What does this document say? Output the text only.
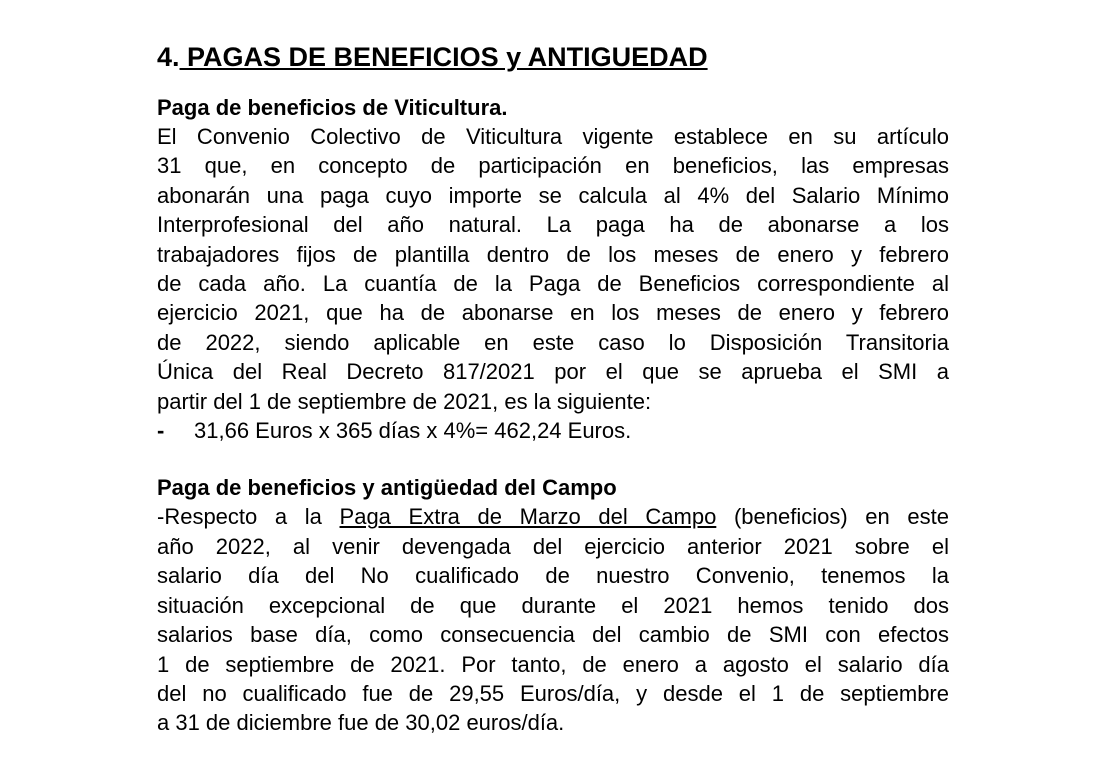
4. PAGAS DE BENEFICIOS y ANTIGUEDAD
Paga de beneficios de Viticultura.
El Convenio Colectivo de Viticultura vigente establece en su artículo
31 que, en concepto de participación en beneficios, las empresas
abonarán una paga cuyo importe se calcula al 4% del Salario Mínimo
Interprofesional del año natural. La paga ha de abonarse a los
trabajadores fijos de plantilla dentro de los meses de enero y febrero
de cada año. La cuantía de la Paga de Beneficios correspondiente al
ejercicio 2021, que ha de abonarse en los meses de enero y febrero
de 2022, siendo aplicable en este caso lo Disposición Transitoria
Única del Real Decreto 817/2021 por el que se aprueba el SMI a
partir del 1 de septiembre de 2021, es la siguiente:
- 31,66 Euros x 365 días x 4%= 462,24 Euros.
Paga de beneficios y antigüedad del Campo
-Respecto a la Paga Extra de Marzo del Campo (beneficios) en este
año 2022, al venir devengada del ejercicio anterior 2021 sobre el
salario día del No cualificado de nuestro Convenio, tenemos la
situación excepcional de que durante el 2021 hemos tenido dos
salarios base día, como consecuencia del cambio de SMI con efectos
1 de septiembre de 2021. Por tanto, de enero a agosto el salario día
del no cualificado fue de 29,55 Euros/día, y desde el 1 de septiembre
a 31 de diciembre fue de 30,02 euros/día.
